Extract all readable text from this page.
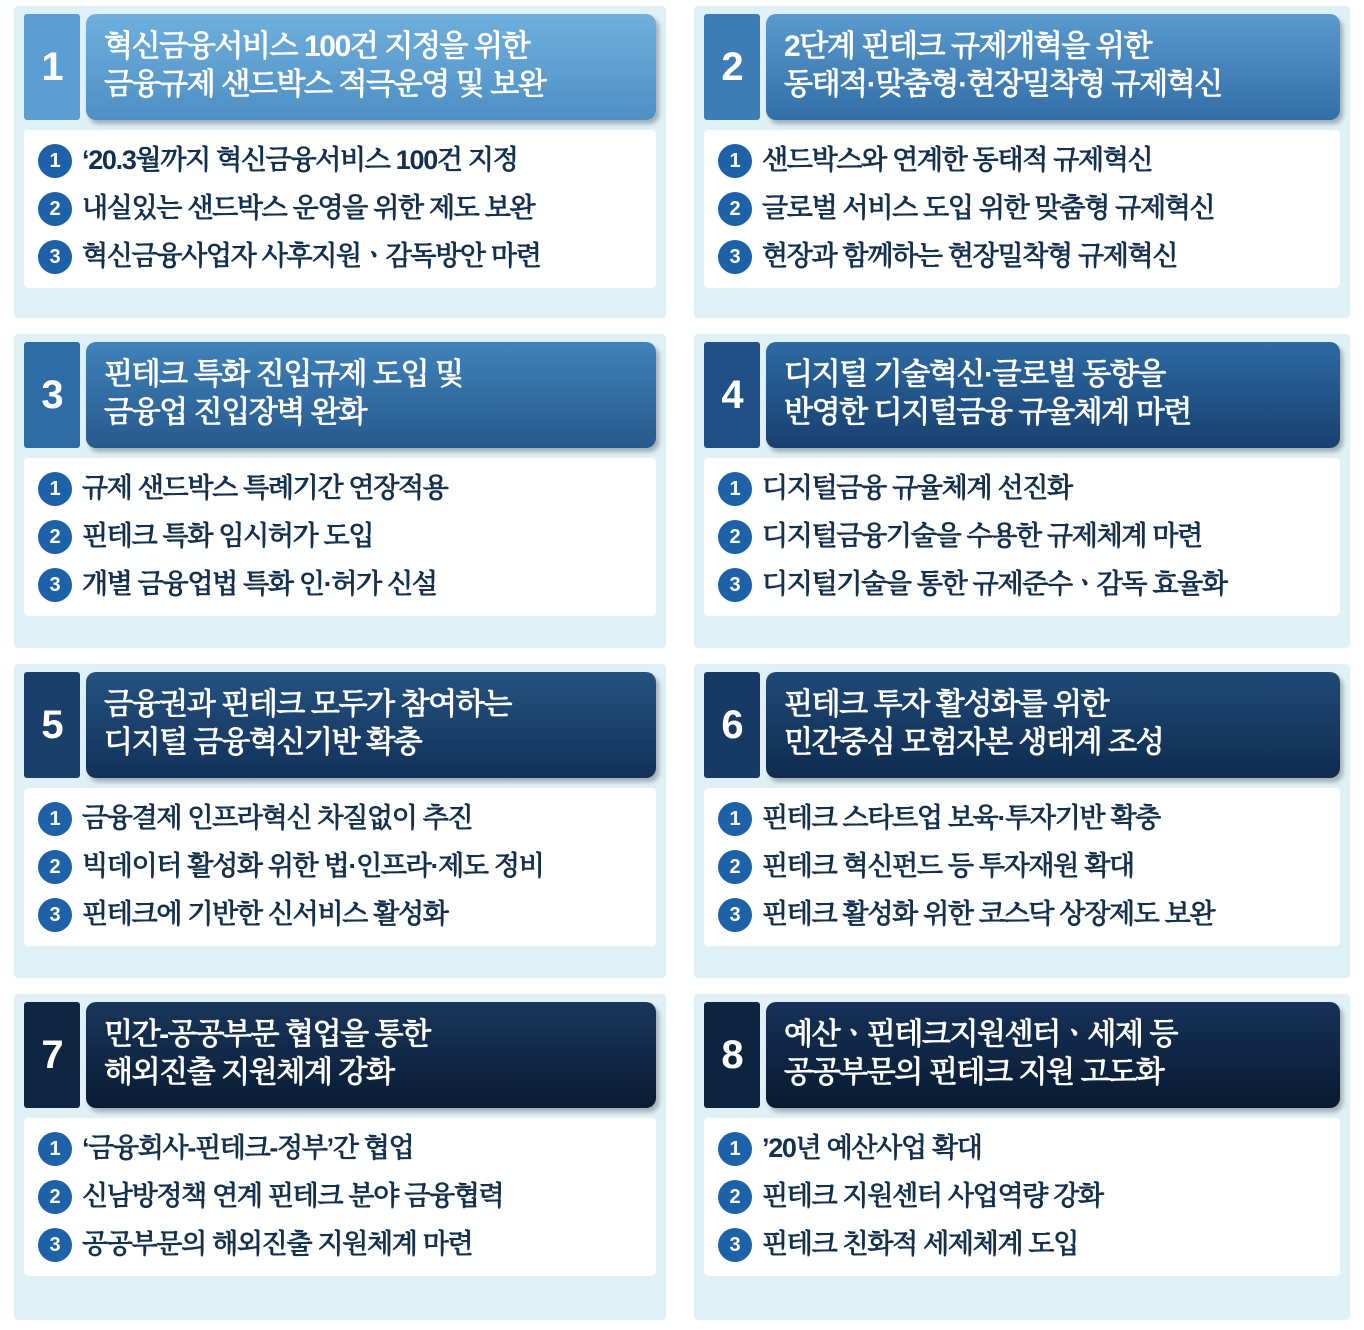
1	혁신금융서비스 100건 지정을 위한
금융규제 샌드박스 적극운영 및 보완
1 ‘20.3월까지 혁신금융서비스 100건 지정
2 내실있는 샌드박스 운영을 위한 제도 보완
3 혁신금융사업자 사후지원ㆍ감독방안 마련
2	2단계 핀테크 규제개혁을 위한
동태적·맞춤형·현장밀착형 규제혁신
1 샌드박스와 연계한 동태적 규제혁신
2 글로벌 서비스 도입 위한 맞춤형 규제혁신
3 현장과 함께하는 현장밀착형 규제혁신
3	핀테크 특화 진입규제 도입 및
금융업 진입장벽 완화
1 규제 샌드박스 특례기간 연장적용
2 핀테크 특화 임시허가 도입
3 개별 금융업법 특화 인·허가 신설
4	디지털 기술혁신·글로벌 동향을
반영한 디지털금융 규율체계 마련
1 디지털금융 규율체계 선진화
2 디지털금융기술을 수용한 규제체계 마련
3 디지털기술을 통한 규제준수ㆍ감독 효율화
5	금융권과 핀테크 모두가 참여하는
디지털 금융혁신기반 확충
1 금융결제 인프라혁신 차질없이 추진
2 빅데이터 활성화 위한 법·인프라·제도 정비
3 핀테크에 기반한 신서비스 활성화
6	핀테크 투자 활성화를 위한
민간중심 모험자본 생태계 조성
1 핀테크 스타트업 보육·투자기반 확충
2 핀테크 혁신펀드 등 투자재원 확대
3 핀테크 활성화 위한 코스닥 상장제도 보완
7	민간-공공부문 협업을 통한
해외진출 지원체계 강화
1 ‘금융회사-핀테크-정부’간 협업
2 신남방정책 연계 핀테크 분야 금융협력
3 공공부문의 해외진출 지원체계 마련
8	예산ㆍ핀테크지원센터ㆍ세제 등
공공부문의 핀테크 지원 고도화
1 ’20년 예산사업 확대
2 핀테크 지원센터 사업역량 강화
3 핀테크 친화적 세제체계 도입
